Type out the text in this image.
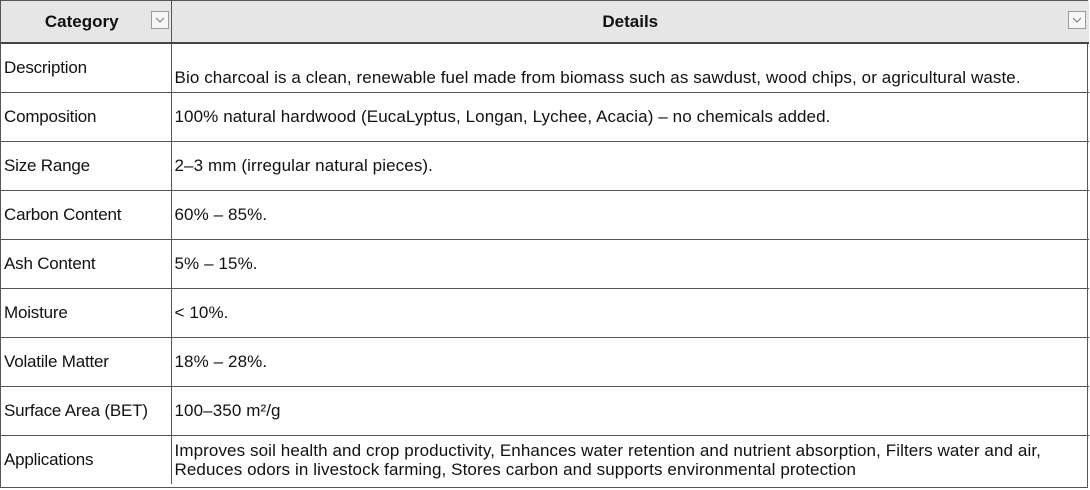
Category	Details

Description	Bio charcoal is a clean, renewable fuel made from biomass such as sawdust, wood chips, or agricultural waste.
Composition	100% natural hardwood (EucaLyptus, Longan, Lychee, Acacia) – no chemicals added.
Size Range	2–3 mm (irregular natural pieces).
Carbon Content	60% – 85%.
Ash Content	5% – 15%.
Moisture	< 10%.
Volatile Matter	18% – 28%.
Surface Area (BET)	100–350 m²/g
Applications	Improves soil health and crop productivity, Enhances water retention and nutrient absorption, Filters water and air,
Reduces odors in livestock farming, Stores carbon and supports environmental protection
